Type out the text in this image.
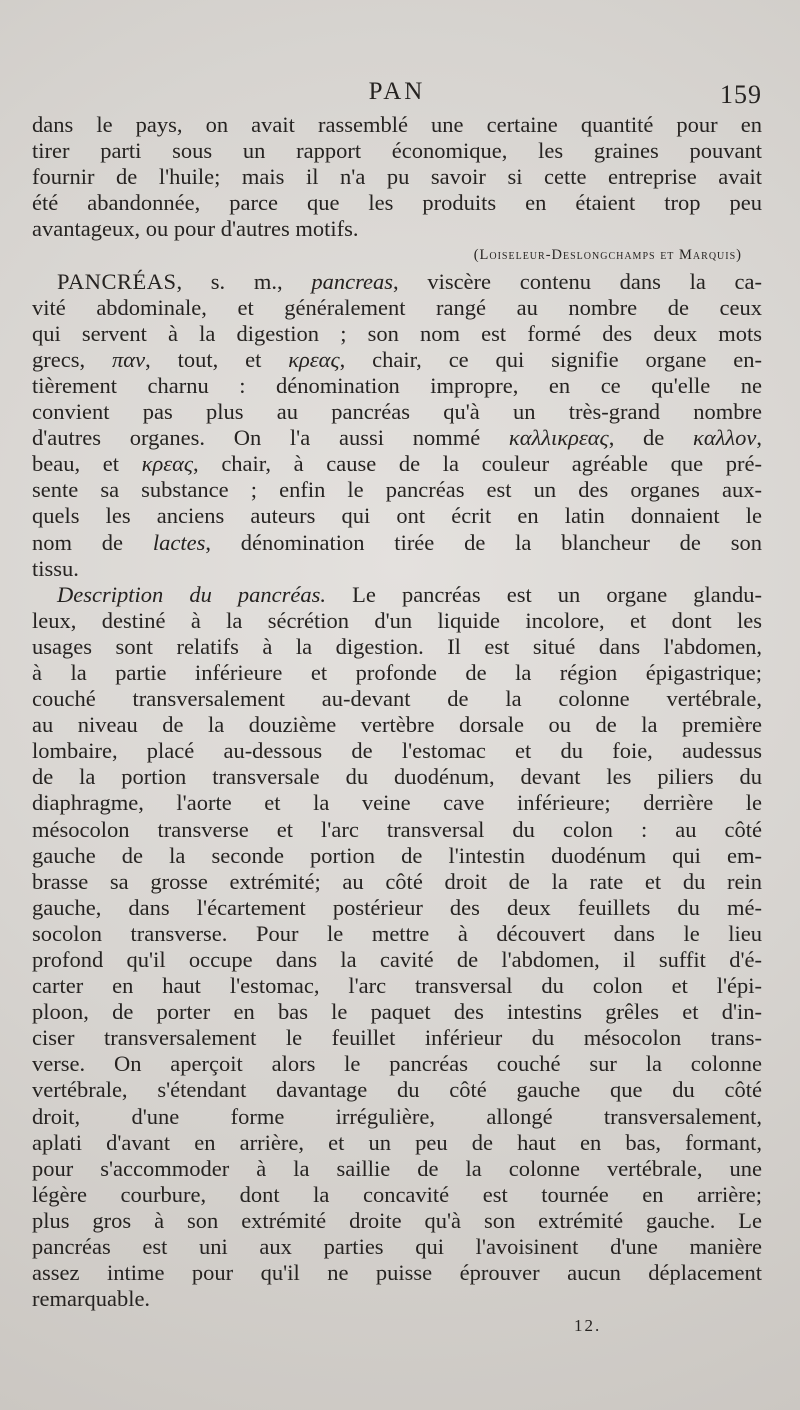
PAN	159
dans le pays, on avait rassemblé une certaine quantité pour en
tirer parti sous un rapport économique, les graines pouvant
fournir de l'huile; mais il n'a pu savoir si cette entreprise avait
été abandonnée, parce que les produits en étaient trop peu
avantageux, ou pour d'autres motifs.
(Loiseleur-Deslongchamps et Marquis)
PANCRÉAS, s. m., pancreas, viscère contenu dans la ca-
vité abdominale, et généralement rangé au nombre de ceux
qui servent à la digestion ; son nom est formé des deux mots
grecs, παν, tout, et κρεας, chair, ce qui signifie organe en-
tièrement charnu : dénomination impropre, en ce qu'elle ne
convient pas plus au pancréas qu'à un très-grand nombre
d'autres organes. On l'a aussi nommé καλλικρεας, de καλλον,
beau, et κρεας, chair, à cause de la couleur agréable que pré-
sente sa substance ; enfin le pancréas est un des organes aux-
quels les anciens auteurs qui ont écrit en latin donnaient le
nom de lactes, dénomination tirée de la blancheur de son
tissu.
Description du pancréas. Le pancréas est un organe glandu-
leux, destiné à la sécrétion d'un liquide incolore, et dont les
usages sont relatifs à la digestion. Il est situé dans l'abdomen,
à la partie inférieure et profonde de la région épigastrique;
couché transversalement au-devant de la colonne vertébrale,
au niveau de la douzième vertèbre dorsale ou de la première
lombaire, placé au-dessous de l'estomac et du foie, audessus
de la portion transversale du duodénum, devant les piliers du
diaphragme, l'aorte et la veine cave inférieure; derrière le
mésocolon transverse et l'arc transversal du colon : au côté
gauche de la seconde portion de l'intestin duodénum qui em-
brasse sa grosse extrémité; au côté droit de la rate et du rein
gauche, dans l'écartement postérieur des deux feuillets du mé-
socolon transverse. Pour le mettre à découvert dans le lieu
profond qu'il occupe dans la cavité de l'abdomen, il suffit d'é-
carter en haut l'estomac, l'arc transversal du colon et l'épi-
ploon, de porter en bas le paquet des intestins grêles et d'in-
ciser transversalement le feuillet inférieur du mésocolon trans-
verse. On aperçoit alors le pancréas couché sur la colonne
vertébrale, s'étendant davantage du côté gauche que du côté
droit, d'une forme irrégulière, allongé transversalement,
aplati d'avant en arrière, et un peu de haut en bas, formant,
pour s'accommoder à la saillie de la colonne vertébrale, une
légère courbure, dont la concavité est tournée en arrière;
plus gros à son extrémité droite qu'à son extrémité gauche. Le
pancréas est uni aux parties qui l'avoisinent d'une manière
assez intime pour qu'il ne puisse éprouver aucun déplacement
remarquable.
12.
